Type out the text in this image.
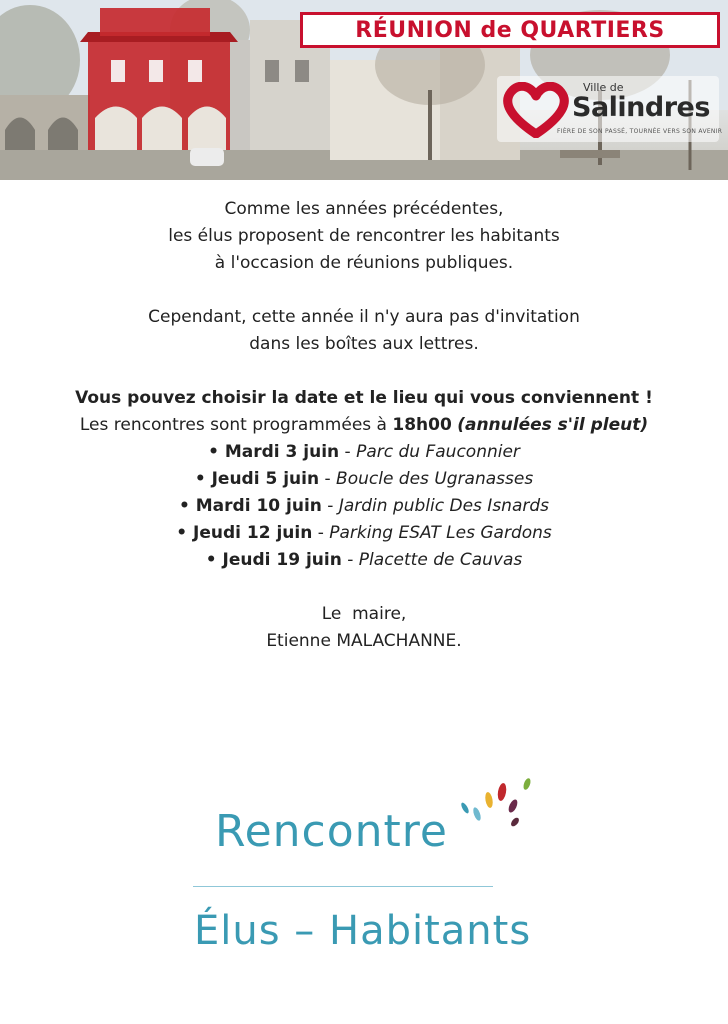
RÉUNION de QUARTIERS
Ville de
Salindres
FIÈRE DE SON PASSÉ, TOURNÉE VERS SON AVENIR

Comme les années précédentes,

les élus proposent de rencontrer les habitants

à l'occasion de réunions publiques.

Cependant, cette année il n'y aura pas d'invitation

dans les boîtes aux lettres.

Vous pouvez choisir la date et le lieu qui vous conviennent !

Les rencontres sont programmées à 18h00 (annulées s'il pleut)

• Mardi 3 juin - Parc du Fauconnier

• Jeudi 5 juin - Boucle des Ugranasses

• Mardi 10 juin - Jardin public Des Isnards

• Jeudi 12 juin - Parking ESAT Les Gardons

• Jeudi 19 juin - Placette de Cauvas

Le  maire,

Etienne MALACHANNE.

Rencontre
Élus – Habitants
